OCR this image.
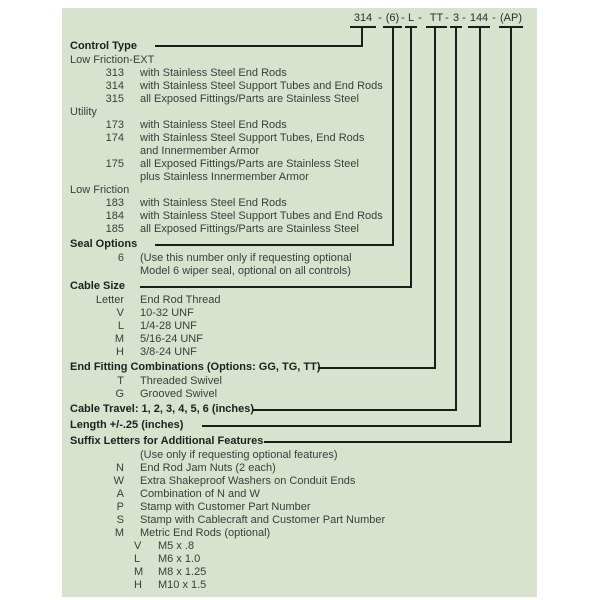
314 - (6) - L - TT - 3 - 144 - (AP)
Control Type
Low Friction-EXT
313 with Stainless Steel End Rods
314 with Stainless Steel Support Tubes and End Rods
315 all Exposed Fittings/Parts are Stainless Steel
Utility
173 with Stainless Steel End Rods
174 with Stainless Steel Support Tubes, End Rods
and Innermember Armor
175 all Exposed Fittings/Parts are Stainless Steel
plus Stainless Innermember Armor
Low Friction
183 with Stainless Steel End Rods
184 with Stainless Steel Support Tubes and End Rods
185 all Exposed Fittings/Parts are Stainless Steel
Seal Options
6 (Use this number only if requesting optional
Model 6 wiper seal, optional on all controls)
Cable Size
Letter End Rod Thread
V 10-32 UNF
L 1/4-28 UNF
M 5/16-24 UNF
H 3/8-24 UNF
End Fitting Combinations (Options: GG, TG, TT)
T Threaded Swivel
G Grooved Swivel
Cable Travel: 1, 2, 3, 4, 5, 6 (inches)
Length +/-.25 (inches)
Suffix Letters for Additional Features
(Use only if requesting optional features)
N End Rod Jam Nuts (2 each)
W Extra Shakeproof Washers on Conduit Ends
A Combination of N and W
P Stamp with Customer Part Number
S Stamp with Cablecraft and Customer Part Number
M Metric End Rods (optional)
V	M5 x .8
L	M6 x 1.0
M	M8 x 1.25
H	M10 x 1.5
